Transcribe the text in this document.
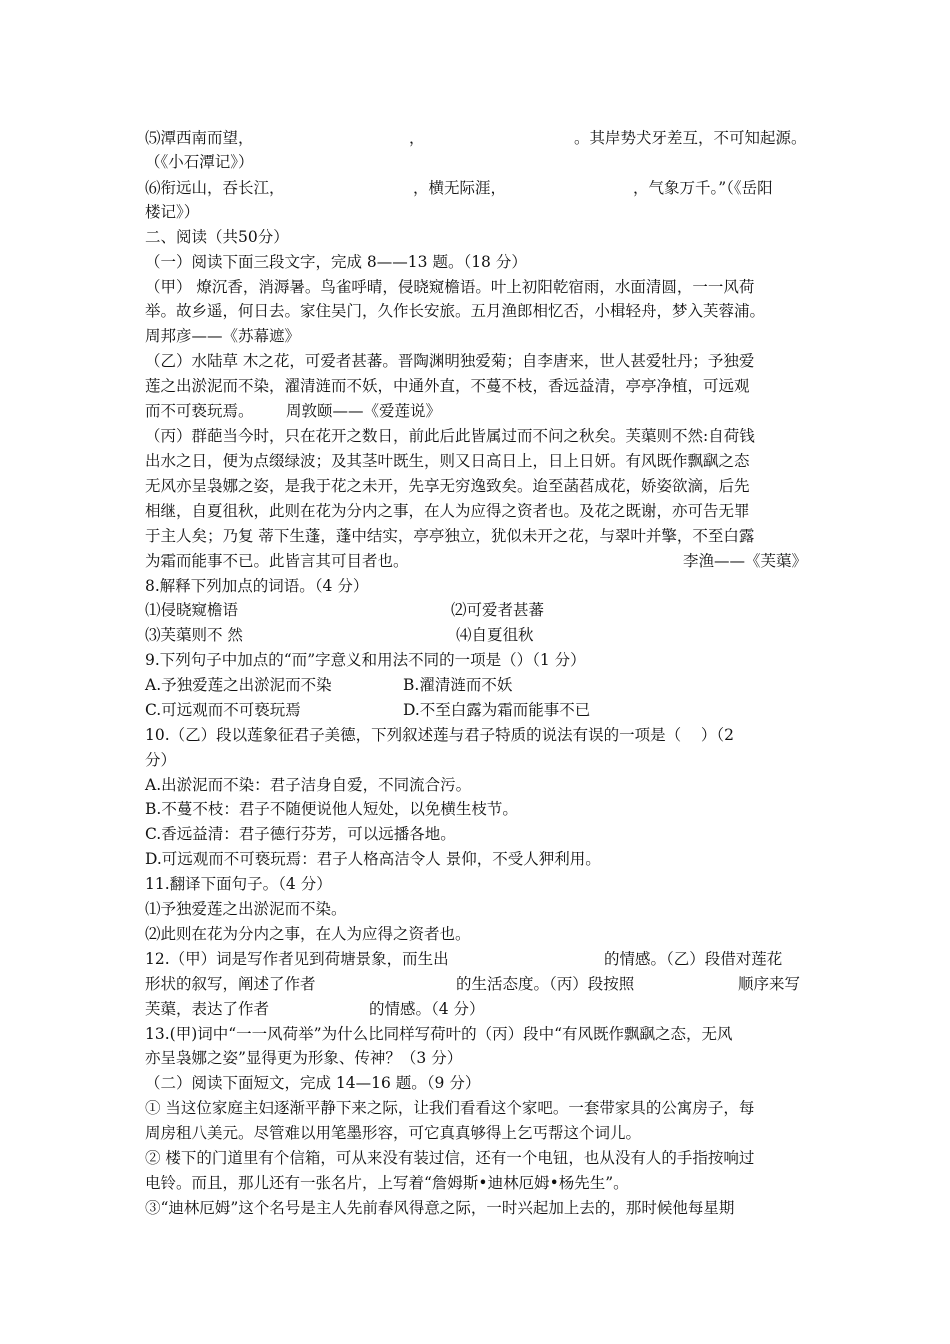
⑸潭西南而望，	，	。其岸势犬牙差互，不可知起源。
（《小石潭记》）
⑹衔远山，吞长江，	，横无际涯，	，气象万千。”（《岳阳
楼记》）
二、阅读（共50分）
（一）阅读下面三段文字，完成 8——13 题。（18 分）
（甲） 燎沉香，消溽暑。鸟雀呼晴，侵晓窥檐语。叶上初阳乾宿雨，水面清圆，一一风荷
举。故乡遥，何日去。家住吴门，久作长安旅。五月渔郎相忆否，小楫轻舟，梦入芙蓉浦。
周邦彦——《苏幕遮》
（乙）水陆草 木之花，可爱者甚蕃。晋陶渊明独爱菊；自李唐来，世人甚爱牡丹；予独爱
莲之出淤泥而不染，濯清涟而不妖，中通外直，不蔓不枝，香远益清，亭亭净植，可远观
而不可亵玩焉。 周敦颐——《爱莲说》
（丙）群葩当今时，只在花开之数日，前此后此皆属过而不问之秋矣。芙蕖则不然:自荷钱
出水之日，便为点缀绿波；及其茎叶既生，则又日高日上，日上日妍。有风既作飘飖之态
无风亦呈袅娜之姿，是我于花之未开，先享无穷逸致矣。迨至菡萏成花，娇姿欲滴，后先
相继，自夏徂秋，此则在花为分内之事，在人为应得之资者也。及花之既谢，亦可告无罪
于主人矣；乃复 蒂下生蓬，蓬中结实，亭亭独立，犹似未开之花，与翠叶并擎，不至白露
为霜而能事不已。此皆言其可目者也。	李渔——《芙蕖》
8.解释下列加点的词语。（4 分）
⑴侵晓窥檐语	⑵可爱者甚蕃
⑶芙蕖则不 然	⑷自夏徂秋
9.下列句子中加点的“而”字意义和用法不同的一项是（）（1 分）
A.予独爱莲之出淤泥而不染	B.濯清涟而不妖
C.可远观而不可亵玩焉	D.不至白露为霜而能事不已
10.（乙）段以莲象征君子美德，下列叙述莲与君子特质的说法有误的一项是（    ）（2
分）
A.出淤泥而不染：君子洁身自爱，不同流合污。
B.不蔓不枝：君子不随便说他人短处，以免横生枝节。
C.香远益清：君子德行芬芳，可以远播各地。
D.可远观而不可亵玩焉：君子人格高洁令人 景仰，不受人狎利用。
11.翻译下面句子。（4 分）
⑴予独爱莲之出淤泥而不染。
⑵此则在花为分内之事，在人为应得之资者也。
12.（甲）词是写作者见到荷塘景象，而生出	的情感。（乙）段借对莲花
形状的叙写，阐述了作者	的生活态度。（丙）段按照	顺序来写
芙蕖，表达了作者	的情感。（4 分）
13.(甲)词中“一一风荷举”为什么比同样写荷叶的（丙）段中“有风既作飘飖之态，无风
亦呈袅娜之姿”显得更为形象、传神？（3 分）
（二）阅读下面短文，完成 14—16 题。（9 分）
① 当这位家庭主妇逐渐平静下来之际，让我们看看这个家吧。一套带家具的公寓房子，每
周房租八美元。尽管难以用笔墨形容，可它真真够得上乞丐帮这个词儿。
② 楼下的门道里有个信箱，可从来没有装过信，还有一个电钮，也从没有人的手指按响过
电铃。而且，那儿还有一张名片，上写着“詹姆斯•迪林厄姆•杨先生”。
③“迪林厄姆”这个名号是主人先前春风得意之际，一时兴起加上去的，那时候他每星期
